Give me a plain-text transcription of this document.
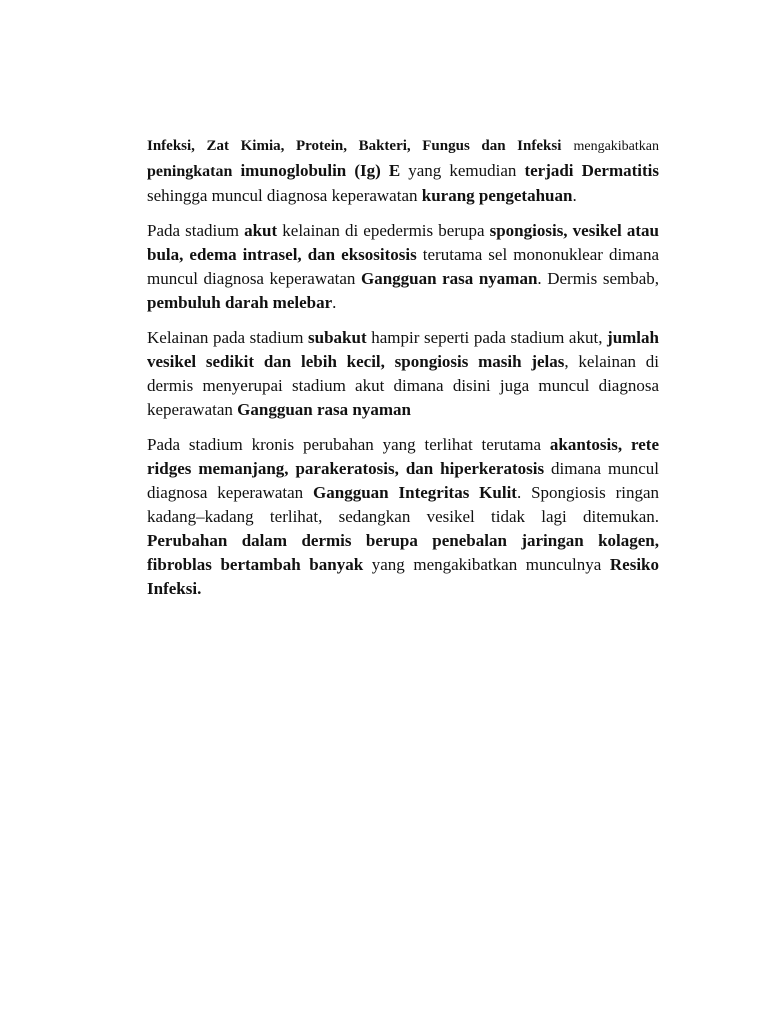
Infeksi, Zat Kimia, Protein, Bakteri, Fungus dan Infeksi mengakibatkan peningkatan imunoglobulin (Ig) E yang kemudian terjadi Dermatitis sehingga muncul diagnosa keperawatan kurang pengetahuan.

Pada stadium akut kelainan di epedermis berupa spongiosis, vesikel atau bula, edema intrasel, dan eksositosis terutama sel mononuklear dimana muncul diagnosa keperawatan Gangguan rasa nyaman. Dermis sembab, pembuluh darah melebar.

Kelainan pada stadium subakut hampir seperti pada stadium akut, jumlah vesikel sedikit dan lebih kecil, spongiosis masih jelas, kelainan di dermis menyerupai stadium akut dimana disini juga muncul diagnosa keperawatan Gangguan rasa nyaman

Pada stadium kronis perubahan yang terlihat terutama akantosis, rete ridges memanjang, parakeratosis, dan hiperkeratosis dimana muncul diagnosa keperawatan Gangguan Integritas Kulit. Spongiosis ringan kadang–kadang terlihat, sedangkan vesikel tidak lagi ditemukan. Perubahan dalam dermis berupa penebalan jaringan kolagen, fibroblas bertambah banyak yang mengakibatkan munculnya Resiko Infeksi.
